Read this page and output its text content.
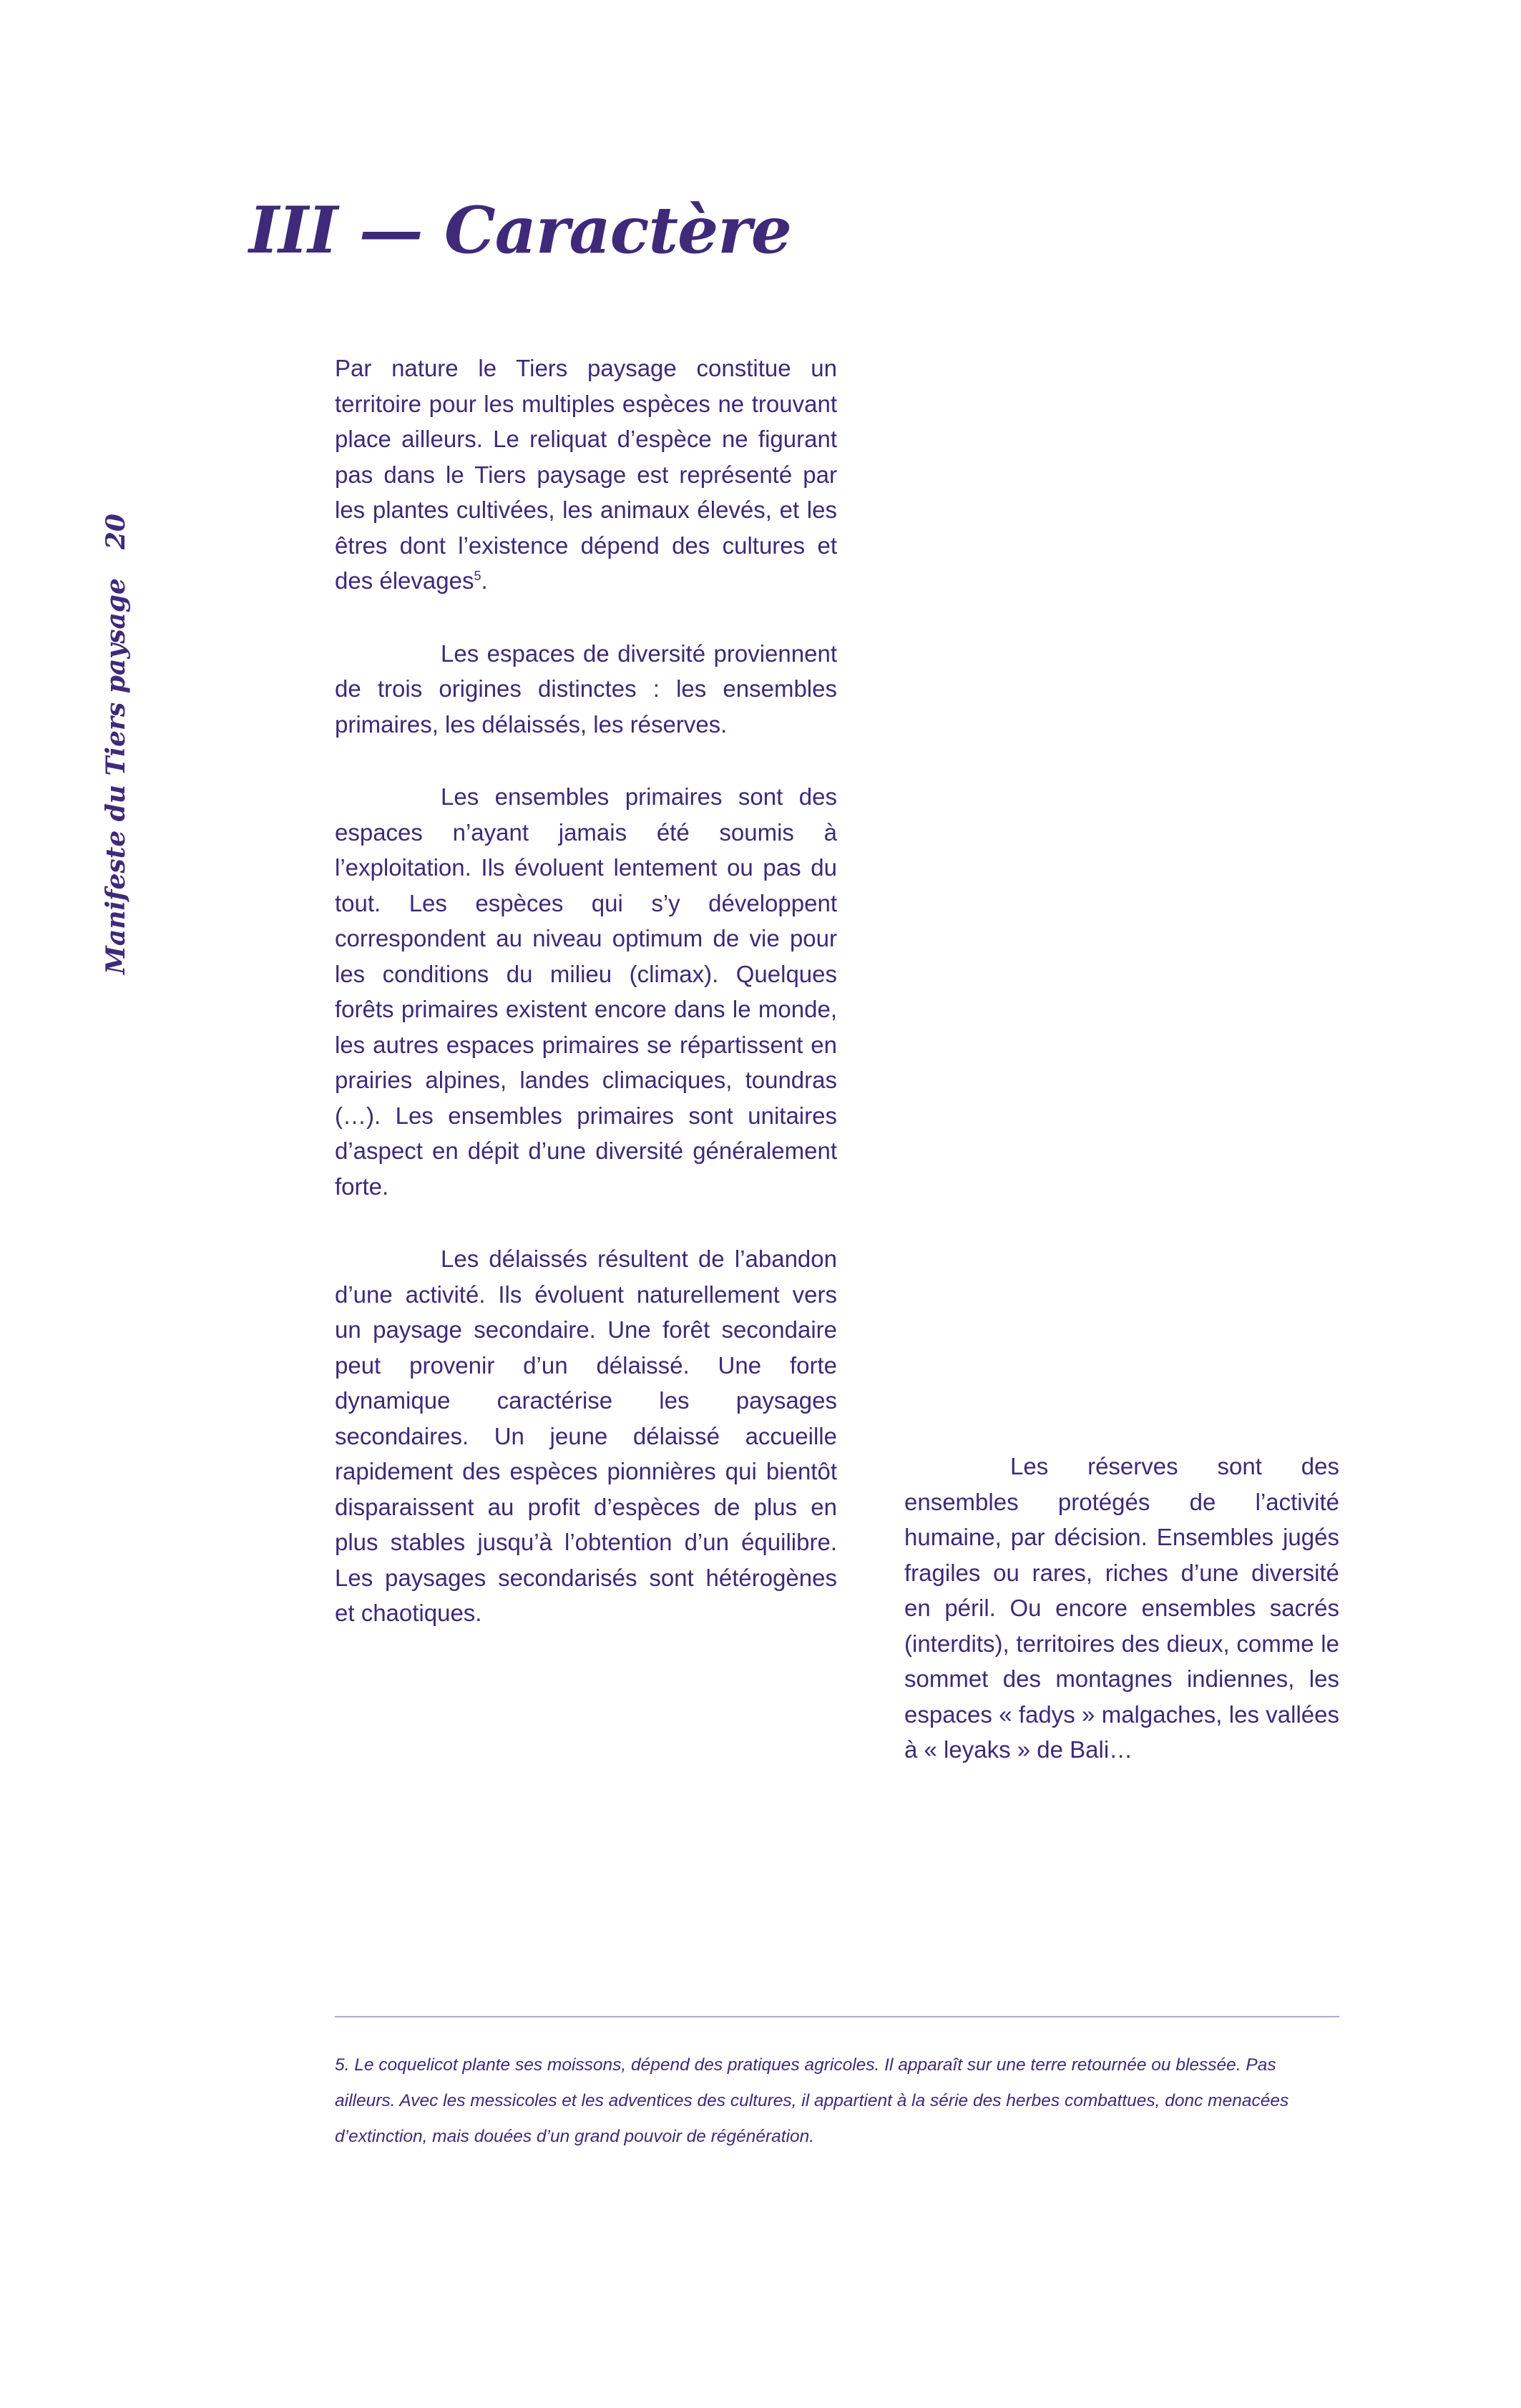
III — Caractère
Manifeste du Tiers paysage20

Par nature le Tiers paysage constitue un territoire pour les multiples espèces ne trouvant place ailleurs. Le reliquat d’espèce ne figurant pas dans le Tiers paysage est représenté par les plantes cultivées, les animaux élevés, et les êtres dont l’existence dépend des cultures et des élevages$^5$.

Les espaces de diversité proviennent de trois origines distinctes : les ensembles primaires, les délaissés, les réserves.

Les ensembles primaires sont des espaces n’ayant jamais été soumis à l’exploitation. Ils évoluent lentement ou pas du tout. Les espèces qui s’y développent correspondent au niveau optimum de vie pour les conditions du milieu (climax). Quelques forêts primaires existent encore dans le monde, les autres espaces primaires se répartissent en prairies alpines, landes climaciques, toundras (…). Les ensembles primaires sont unitaires d’aspect en dépit d’une diversité généralement forte.

Les délaissés résultent de l’abandon d’une activité. Ils évoluent naturellement vers un paysage secondaire. Une forêt secondaire peut provenir d’un délaissé. Une forte dynamique caractérise les paysages secondaires. Un jeune délaissé accueille rapidement des espèces pionnières qui bientôt disparaissent au profit d’espèces de plus en plus stables jusqu’à l’obtention d’un équilibre. Les paysages secondarisés sont hétérogènes et chaotiques.

Les réserves sont des ensembles protégés de l’activité humaine, par décision. Ensembles jugés fragiles ou rares, riches d’une diversité en péril. Ou encore ensembles sacrés (interdits), territoires des dieux, comme le sommet des montagnes indiennes, les espaces « fadys » malgaches, les vallées à « leyaks » de Bali…

5. Le coquelicot plante ses moissons, dépend des pratiques agricoles. Il apparaît sur une terre retournée ou blessée. Pas ailleurs. Avec les messicoles et les adventices des cultures, il appartient à la série des herbes combattues, donc menacées d’extinction, mais douées d’un grand pouvoir de régénération.
